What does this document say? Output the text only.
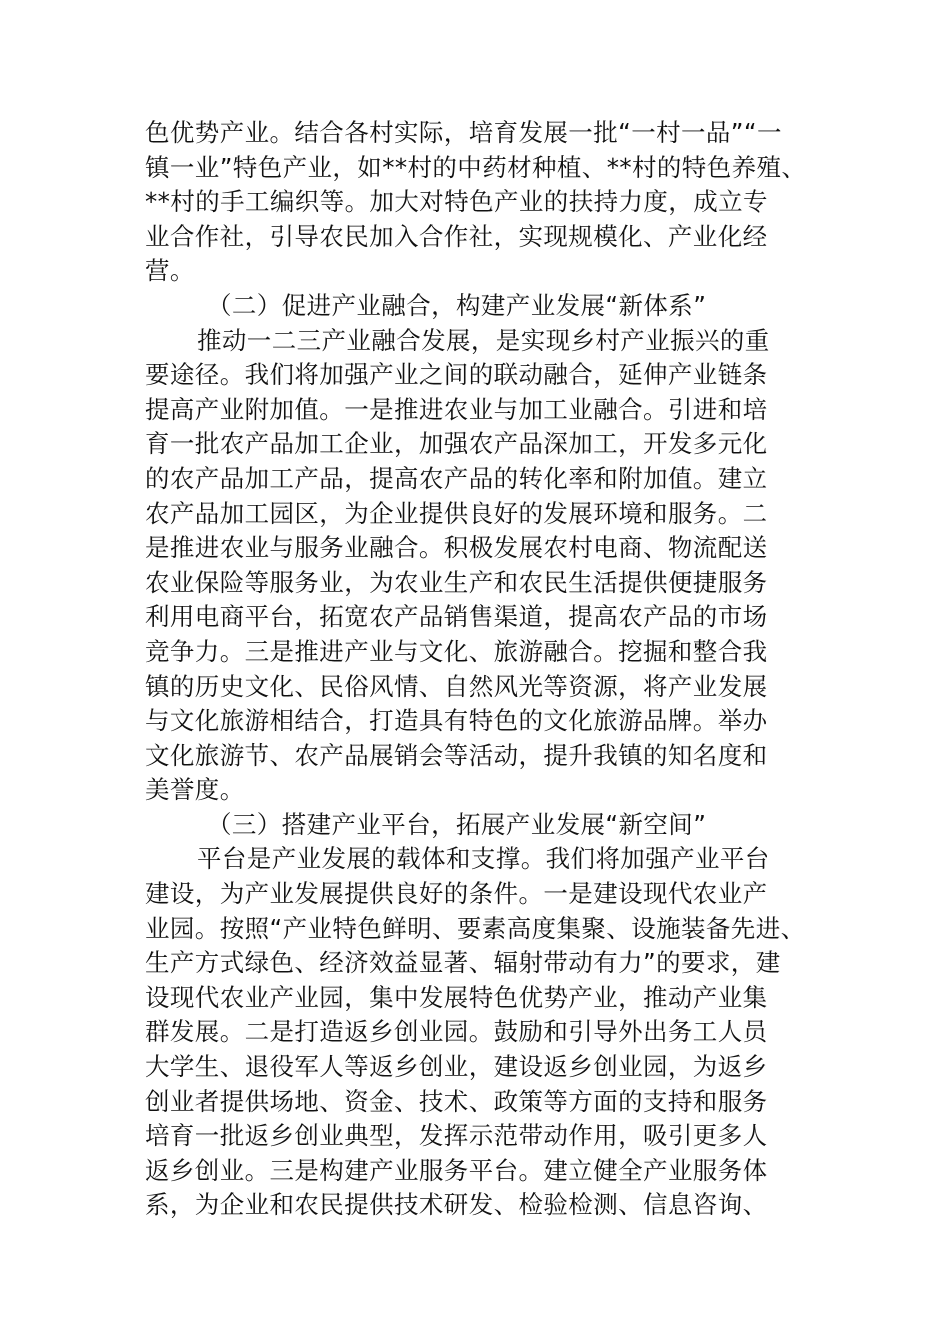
色优势产业。结合各村实际，培育发展一批“一村一品”“一
镇一业”特色产业，如**村的中药材种植、**村的特色养殖、
**村的手工编织等。加大对特色产业的扶持力度，成立专
业合作社，引导农民加入合作社，实现规模化、产业化经
营。
（二）促进产业融合，构建产业发展“新体系”
推动一二三产业融合发展，是实现乡村产业振兴的重
要途径。我们将加强产业之间的联动融合，延伸产业链条
提高产业附加值。一是推进农业与加工业融合。引进和培
育一批农产品加工企业，加强农产品深加工，开发多元化
的农产品加工产品，提高农产品的转化率和附加值。建立
农产品加工园区，为企业提供良好的发展环境和服务。二
是推进农业与服务业融合。积极发展农村电商、物流配送
农业保险等服务业，为农业生产和农民生活提供便捷服务
利用电商平台，拓宽农产品销售渠道，提高农产品的市场
竞争力。三是推进产业与文化、旅游融合。挖掘和整合我
镇的历史文化、民俗风情、自然风光等资源，将产业发展
与文化旅游相结合，打造具有特色的文化旅游品牌。举办
文化旅游节、农产品展销会等活动，提升我镇的知名度和
美誉度。
（三）搭建产业平台，拓展产业发展“新空间”
平台是产业发展的载体和支撑。我们将加强产业平台
建设，为产业发展提供良好的条件。一是建设现代农业产
业园。按照“产业特色鲜明、要素高度集聚、设施装备先进、
生产方式绿色、经济效益显著、辐射带动有力”的要求，建
设现代农业产业园，集中发展特色优势产业，推动产业集
群发展。二是打造返乡创业园。鼓励和引导外出务工人员
大学生、退役军人等返乡创业，建设返乡创业园，为返乡
创业者提供场地、资金、技术、政策等方面的支持和服务
培育一批返乡创业典型，发挥示范带动作用，吸引更多人
返乡创业。三是构建产业服务平台。建立健全产业服务体
系，为企业和农民提供技术研发、检验检测、信息咨询、
